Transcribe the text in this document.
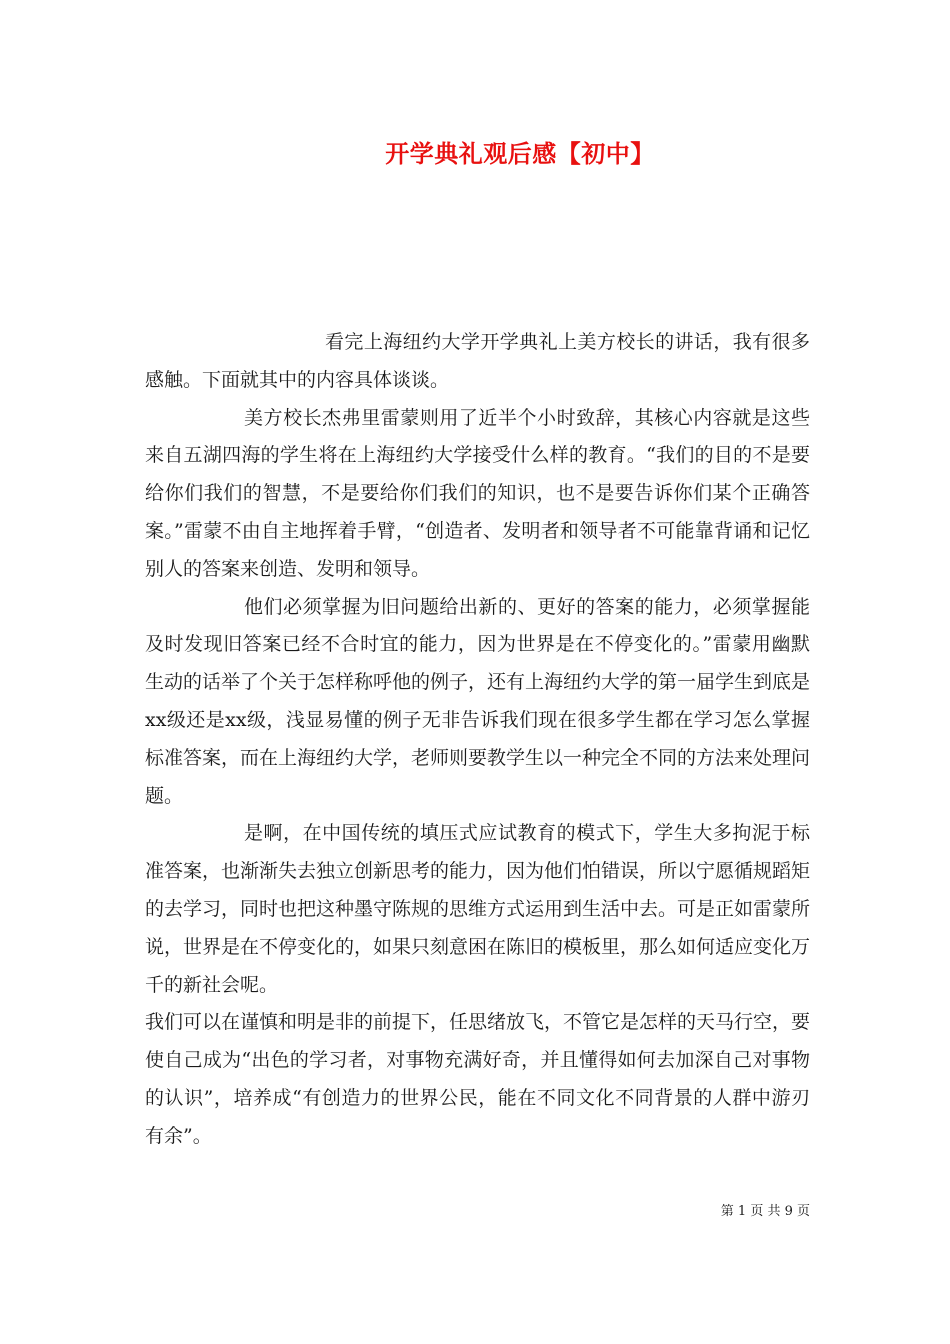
开学典礼观后感【初中】

看完上海纽约大学开学典礼上美方校长的讲话，我有很多感触。下面就其中的内容具体谈谈。

美方校长杰弗里雷蒙则用了近半个小时致辞，其核心内容就是这些来自五湖四海的学生将在上海纽约大学接受什么样的教育。“我们的目的不是要给你们我们的智慧，不是要给你们我们的知识，也不是要告诉你们某个正确答案。”雷蒙不由自主地挥着手臂，“创造者、发明者和领导者不可能靠背诵和记忆别人的答案来创造、发明和领导。

他们必须掌握为旧问题给出新的、更好的答案的能力，必须掌握能及时发现旧答案已经不合时宜的能力，因为世界是在不停变化的。”雷蒙用幽默生动的话举了个关于怎样称呼他的例子，还有上海纽约大学的第一届学生到底是xx级还是xx级，浅显易懂的例子无非告诉我们现在很多学生都在学习怎么掌握标准答案，而在上海纽约大学，老师则要教学生以一种完全不同的方法来处理问题。

是啊，在中国传统的填压式应试教育的模式下，学生大多拘泥于标准答案，也渐渐失去独立创新思考的能力，因为他们怕错误，所以宁愿循规蹈矩的去学习，同时也把这种墨守陈规的思维方式运用到生活中去。可是正如雷蒙所说，世界是在不停变化的，如果只刻意困在陈旧的模板里，那么如何适应变化万千的新社会呢。

我们可以在谨慎和明是非的前提下，任思绪放飞，不管它是怎样的天马行空，要使自己成为“出色的学习者，对事物充满好奇，并且懂得如何去加深自己对事物的认识”，培养成“有创造力的世界公民，能在不同文化不同背景的人群中游刃有余”。

第 1 页 共 9 页
